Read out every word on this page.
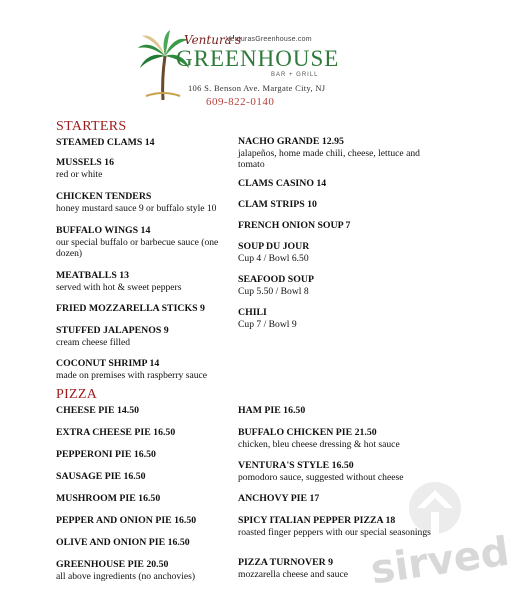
Ventura's
VenturasGreenhouse.com
GREENHOUSE
BAR + GRILL
106 S. Benson Ave. Margate City, NJ
609-822-0140
STARTERS
STEAMED CLAMS 14
MUSSELS 16
red or white
CHICKEN TENDERS
honey mustard sauce 9 or buffalo style 10
BUFFALO WINGS 14
our special buffalo or barbecue sauce (one dozen)
MEATBALLS 13
served with hot & sweet peppers
FRIED MOZZARELLA STICKS 9
STUFFED JALAPENOS 9
cream cheese filled
COCONUT SHRIMP 14
made on premises with raspberry sauce
NACHO GRANDE 12.95
jalapeños, home made chili, cheese, lettuce and tomato
CLAMS CASINO 14
CLAM STRIPS 10
FRENCH ONION SOUP 7
SOUP DU JOUR
Cup 4 / Bowl 6.50
SEAFOOD SOUP
Cup 5.50 / Bowl 8
CHILI
Cup 7 / Bowl 9
PIZZA
CHEESE PIE 14.50
EXTRA CHEESE PIE 16.50
PEPPERONI PIE 16.50
SAUSAGE PIE 16.50
MUSHROOM PIE 16.50
PEPPER AND ONION PIE 16.50
OLIVE AND ONION PIE 16.50
GREENHOUSE PIE 20.50
all above ingredients (no anchovies)
HAM PIE 16.50
BUFFALO CHICKEN PIE 21.50
chicken, bleu cheese dressing & hot sauce
VENTURA'S STYLE 16.50
pomodoro sauce, suggested without cheese
ANCHOVY PIE 17
SPICY ITALIAN PEPPER PIZZA 18
roasted finger peppers with our special seasonings
PIZZA TURNOVER 9
mozzarella cheese and sauce sirved
